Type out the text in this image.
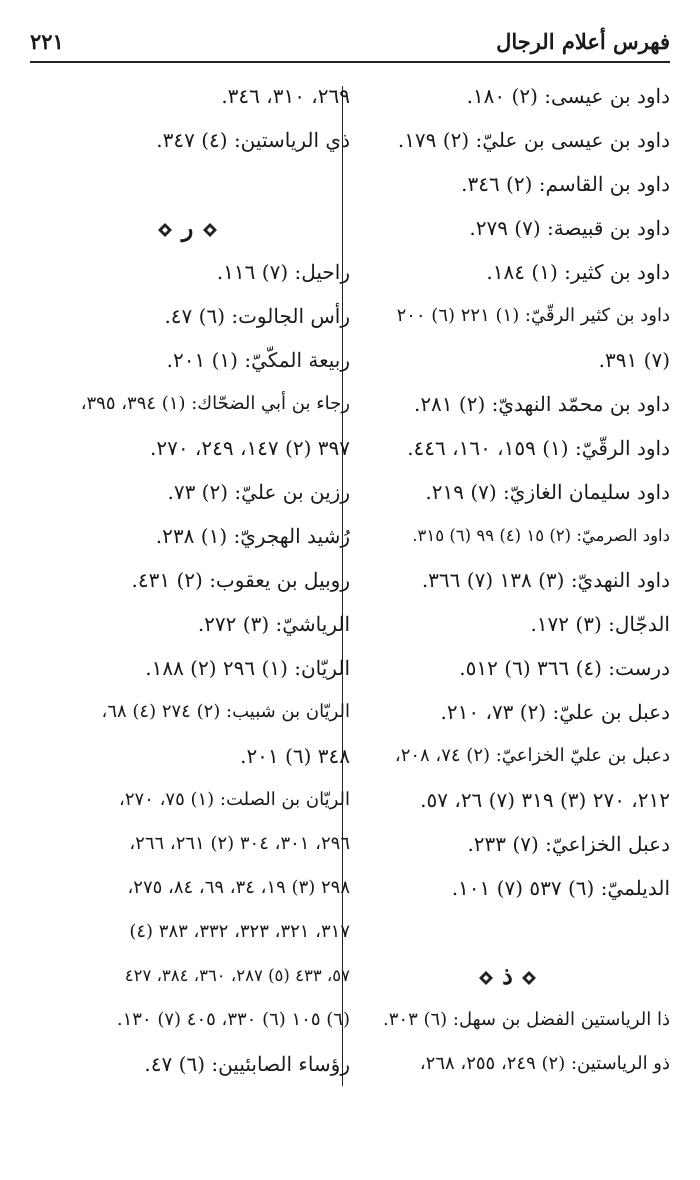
فهرس أعلام الرجال
٢٢١
داود بن عيسى: (٢) ١٨٠.
داود بن عيسى بن عليّ: (٢) ١٧٩.
داود بن القاسم: (٢) ٣٤٦.
داود بن قبيصة: (٧) ٢٧٩.
داود بن كثير: (١) ١٨٤.
داود بن كثير الرقّيّ: (١) ٢٢١ (٦) ٢٠٠
(٧) ٣٩١.
داود بن محمّد النهديّ: (٢) ٢٨١.
داود الرقّيّ: (١) ١٥٩، ١٦٠، ٤٤٦.
داود سليمان الغازيّ: (٧) ٢١٩.
داود الصرميّ: (٢) ١٥ (٤) ٩٩ (٦) ٣١٥.
داود النهديّ: (٣) ١٣٨ (٧) ٣٦٦.
الدجّال: (٣) ١٧٢.
درست: (٤) ٣٦٦ (٦) ٥١٢.
دعبل بن عليّ: (٢) ٧٣، ٢١٠.
دعبل بن عليّ الخزاعيّ: (٢) ٧٤، ٢٠٨،
٢١٢، ٢٧٠ (٣) ٣١٩ (٧) ٢٦، ٥٧.
دعبل الخزاعيّ: (٧) ٢٣٣.
الديلميّ: (٦) ٥٣٧ (٧) ١٠١.
ذ
ذا الرياستين الفضل بن سهل: (٦) ٣٠٣.
ذو الرياستين: (٢) ٢٤٩، ٢٥٥، ٢٦٨،
٢٦٩، ٣١٠، ٣٤٦.
ذي الرياستين: (٤) ٣٤٧.
ر
راحيل: (٧) ١١٦.
رأس الجالوت: (٦) ٤٧.
ربيعة المكّيّ: (١) ٢٠١.
رجاء بن أبي الضحّاك: (١) ٣٩٤، ٣٩٥،
٣٩٧ (٢) ١٤٧، ٢٤٩، ٢٧٠.
رزين بن عليّ: (٢) ٧٣.
رُشيد الهجريّ: (١) ٢٣٨.
روبيل بن يعقوب: (٢) ٤٣١.
الرياشيّ: (٣) ٢٧٢.
الريّان: (١) ٢٩٦ (٢) ١٨٨.
الريّان بن شبيب: (٢) ٢٧٤ (٤) ٦٨،
٣٤٨ (٦) ٢٠١.
الريّان بن الصلت: (١) ٧٥، ٢٧٠،
٢٩٦، ٣٠١، ٣٠٤ (٢) ٢٦١، ٢٦٦،
٢٩٨ (٣) ١٩، ٣٤، ٦٩، ٨٤، ٢٧٥،
٣١٧، ٣٢١، ٣٢٣، ٣٣٢، ٣٨٣ (٤)
٥٧، ٤٣٣ (٥) ٢٨٧، ٣٦٠، ٣٨٤، ٤٢٧
(٦) ١٠٥ (٦) ٣٣٠، ٤٠٥ (٧) ١٣٠.
رؤساء الصابئيين: (٦) ٤٧.
